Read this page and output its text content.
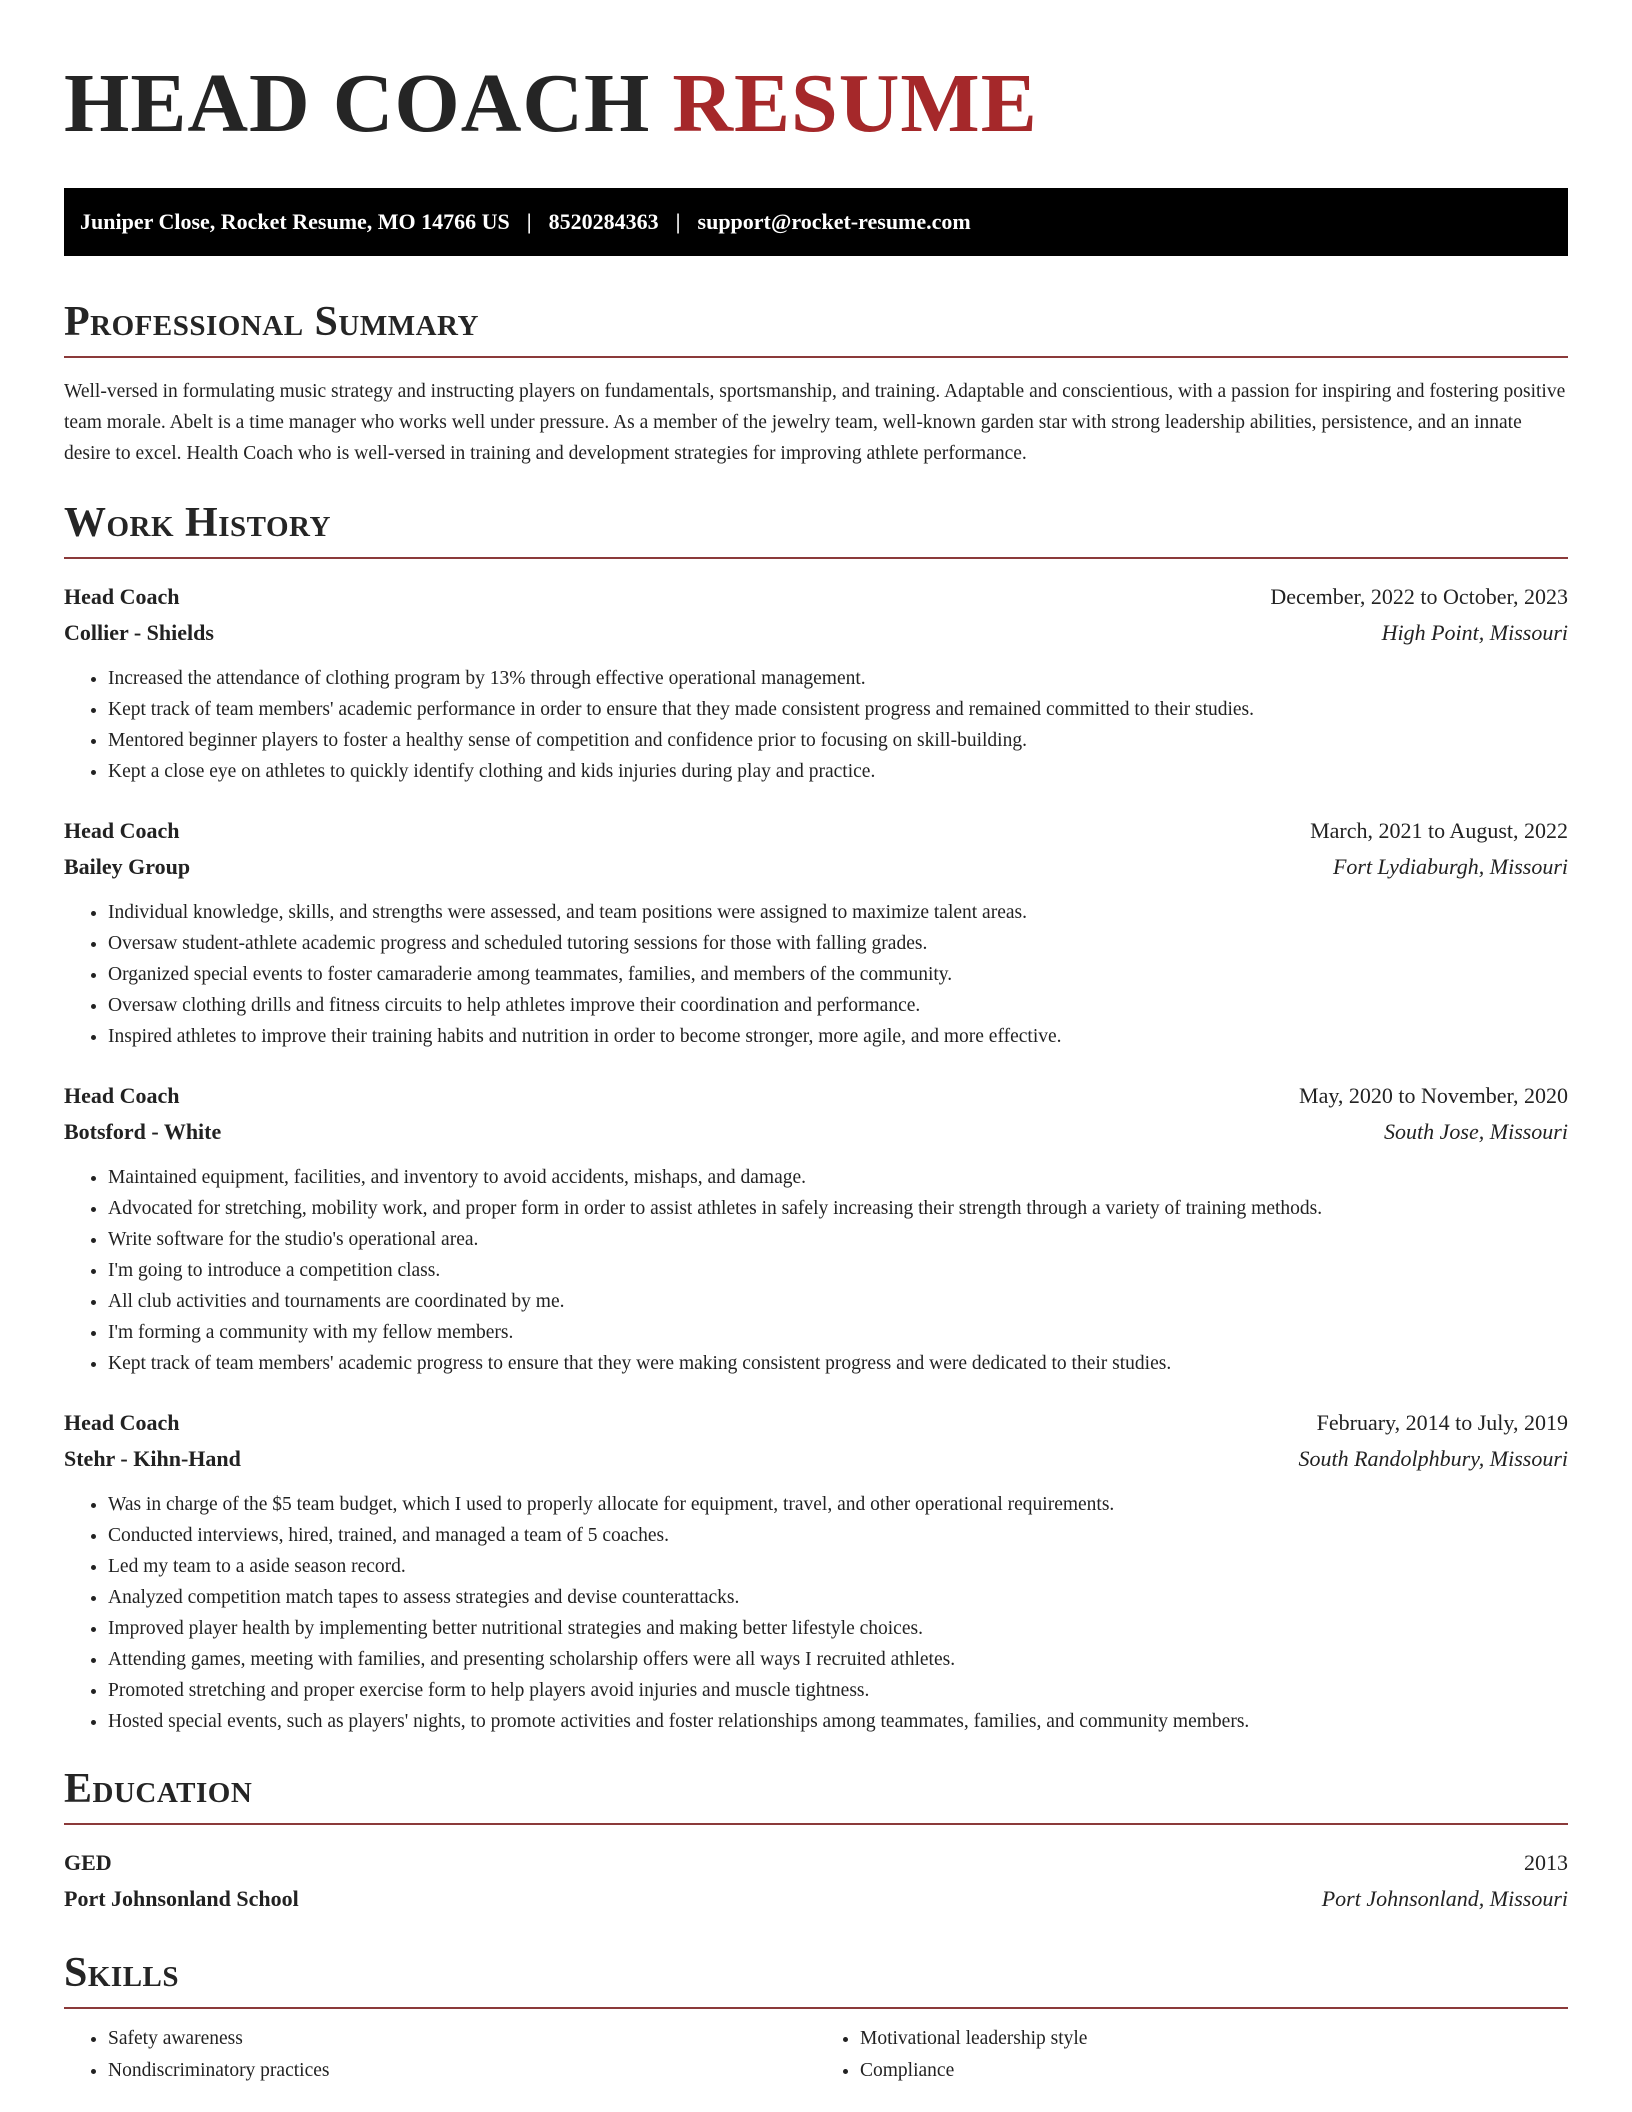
HEAD COACH RESUME
Juniper Close, Rocket Resume, MO 14766 US | 8520284363 | support@rocket-resume.com
Professional Summary

Well-versed in formulating music strategy and instructing players on fundamentals, sportsmanship, and training. Adaptable and conscientious, with a passion for inspiring and fostering positive team morale. Abelt is a time manager who works well under pressure. As a member of the jewelry team, well-known garden star with strong leadership abilities, persistence, and an innate desire to excel. Health Coach who is well-versed in training and development strategies for improving athlete performance.

Work History
Head Coach	December, 2022 to October, 2023
Collier - Shields	High Point, Missouri
• Increased the attendance of clothing program by 13% through effective operational management.
• Kept track of team members' academic performance in order to ensure that they made consistent progress and remained committed to their studies.
• Mentored beginner players to foster a healthy sense of competition and confidence prior to focusing on skill-building.
• Kept a close eye on athletes to quickly identify clothing and kids injuries during play and practice.
Head Coach	March, 2021 to August, 2022
Bailey Group	Fort Lydiaburgh, Missouri
• Individual knowledge, skills, and strengths were assessed, and team positions were assigned to maximize talent areas.
• Oversaw student-athlete academic progress and scheduled tutoring sessions for those with falling grades.
• Organized special events to foster camaraderie among teammates, families, and members of the community.
• Oversaw clothing drills and fitness circuits to help athletes improve their coordination and performance.
• Inspired athletes to improve their training habits and nutrition in order to become stronger, more agile, and more effective.
Head Coach	May, 2020 to November, 2020
Botsford - White	South Jose, Missouri
• Maintained equipment, facilities, and inventory to avoid accidents, mishaps, and damage.
• Advocated for stretching, mobility work, and proper form in order to assist athletes in safely increasing their strength through a variety of training methods.
• Write software for the studio's operational area.
• I'm going to introduce a competition class.
• All club activities and tournaments are coordinated by me.
• I'm forming a community with my fellow members.
• Kept track of team members' academic progress to ensure that they were making consistent progress and were dedicated to their studies.
Head Coach	February, 2014 to July, 2019
Stehr - Kihn-Hand	South Randolphbury, Missouri
• Was in charge of the $5 team budget, which I used to properly allocate for equipment, travel, and other operational requirements.
• Conducted interviews, hired, trained, and managed a team of 5 coaches.
• Led my team to a aside season record.
• Analyzed competition match tapes to assess strategies and devise counterattacks.
• Improved player health by implementing better nutritional strategies and making better lifestyle choices.
• Attending games, meeting with families, and presenting scholarship offers were all ways I recruited athletes.
• Promoted stretching and proper exercise form to help players avoid injuries and muscle tightness.
• Hosted special events, such as players' nights, to promote activities and foster relationships among teammates, families, and community members.
Education
GED	2013
Port Johnsonland School	Port Johnsonland, Missouri
Skills
• Safety awareness
• Nondiscriminatory practices
• Motivational leadership style
• Compliance
